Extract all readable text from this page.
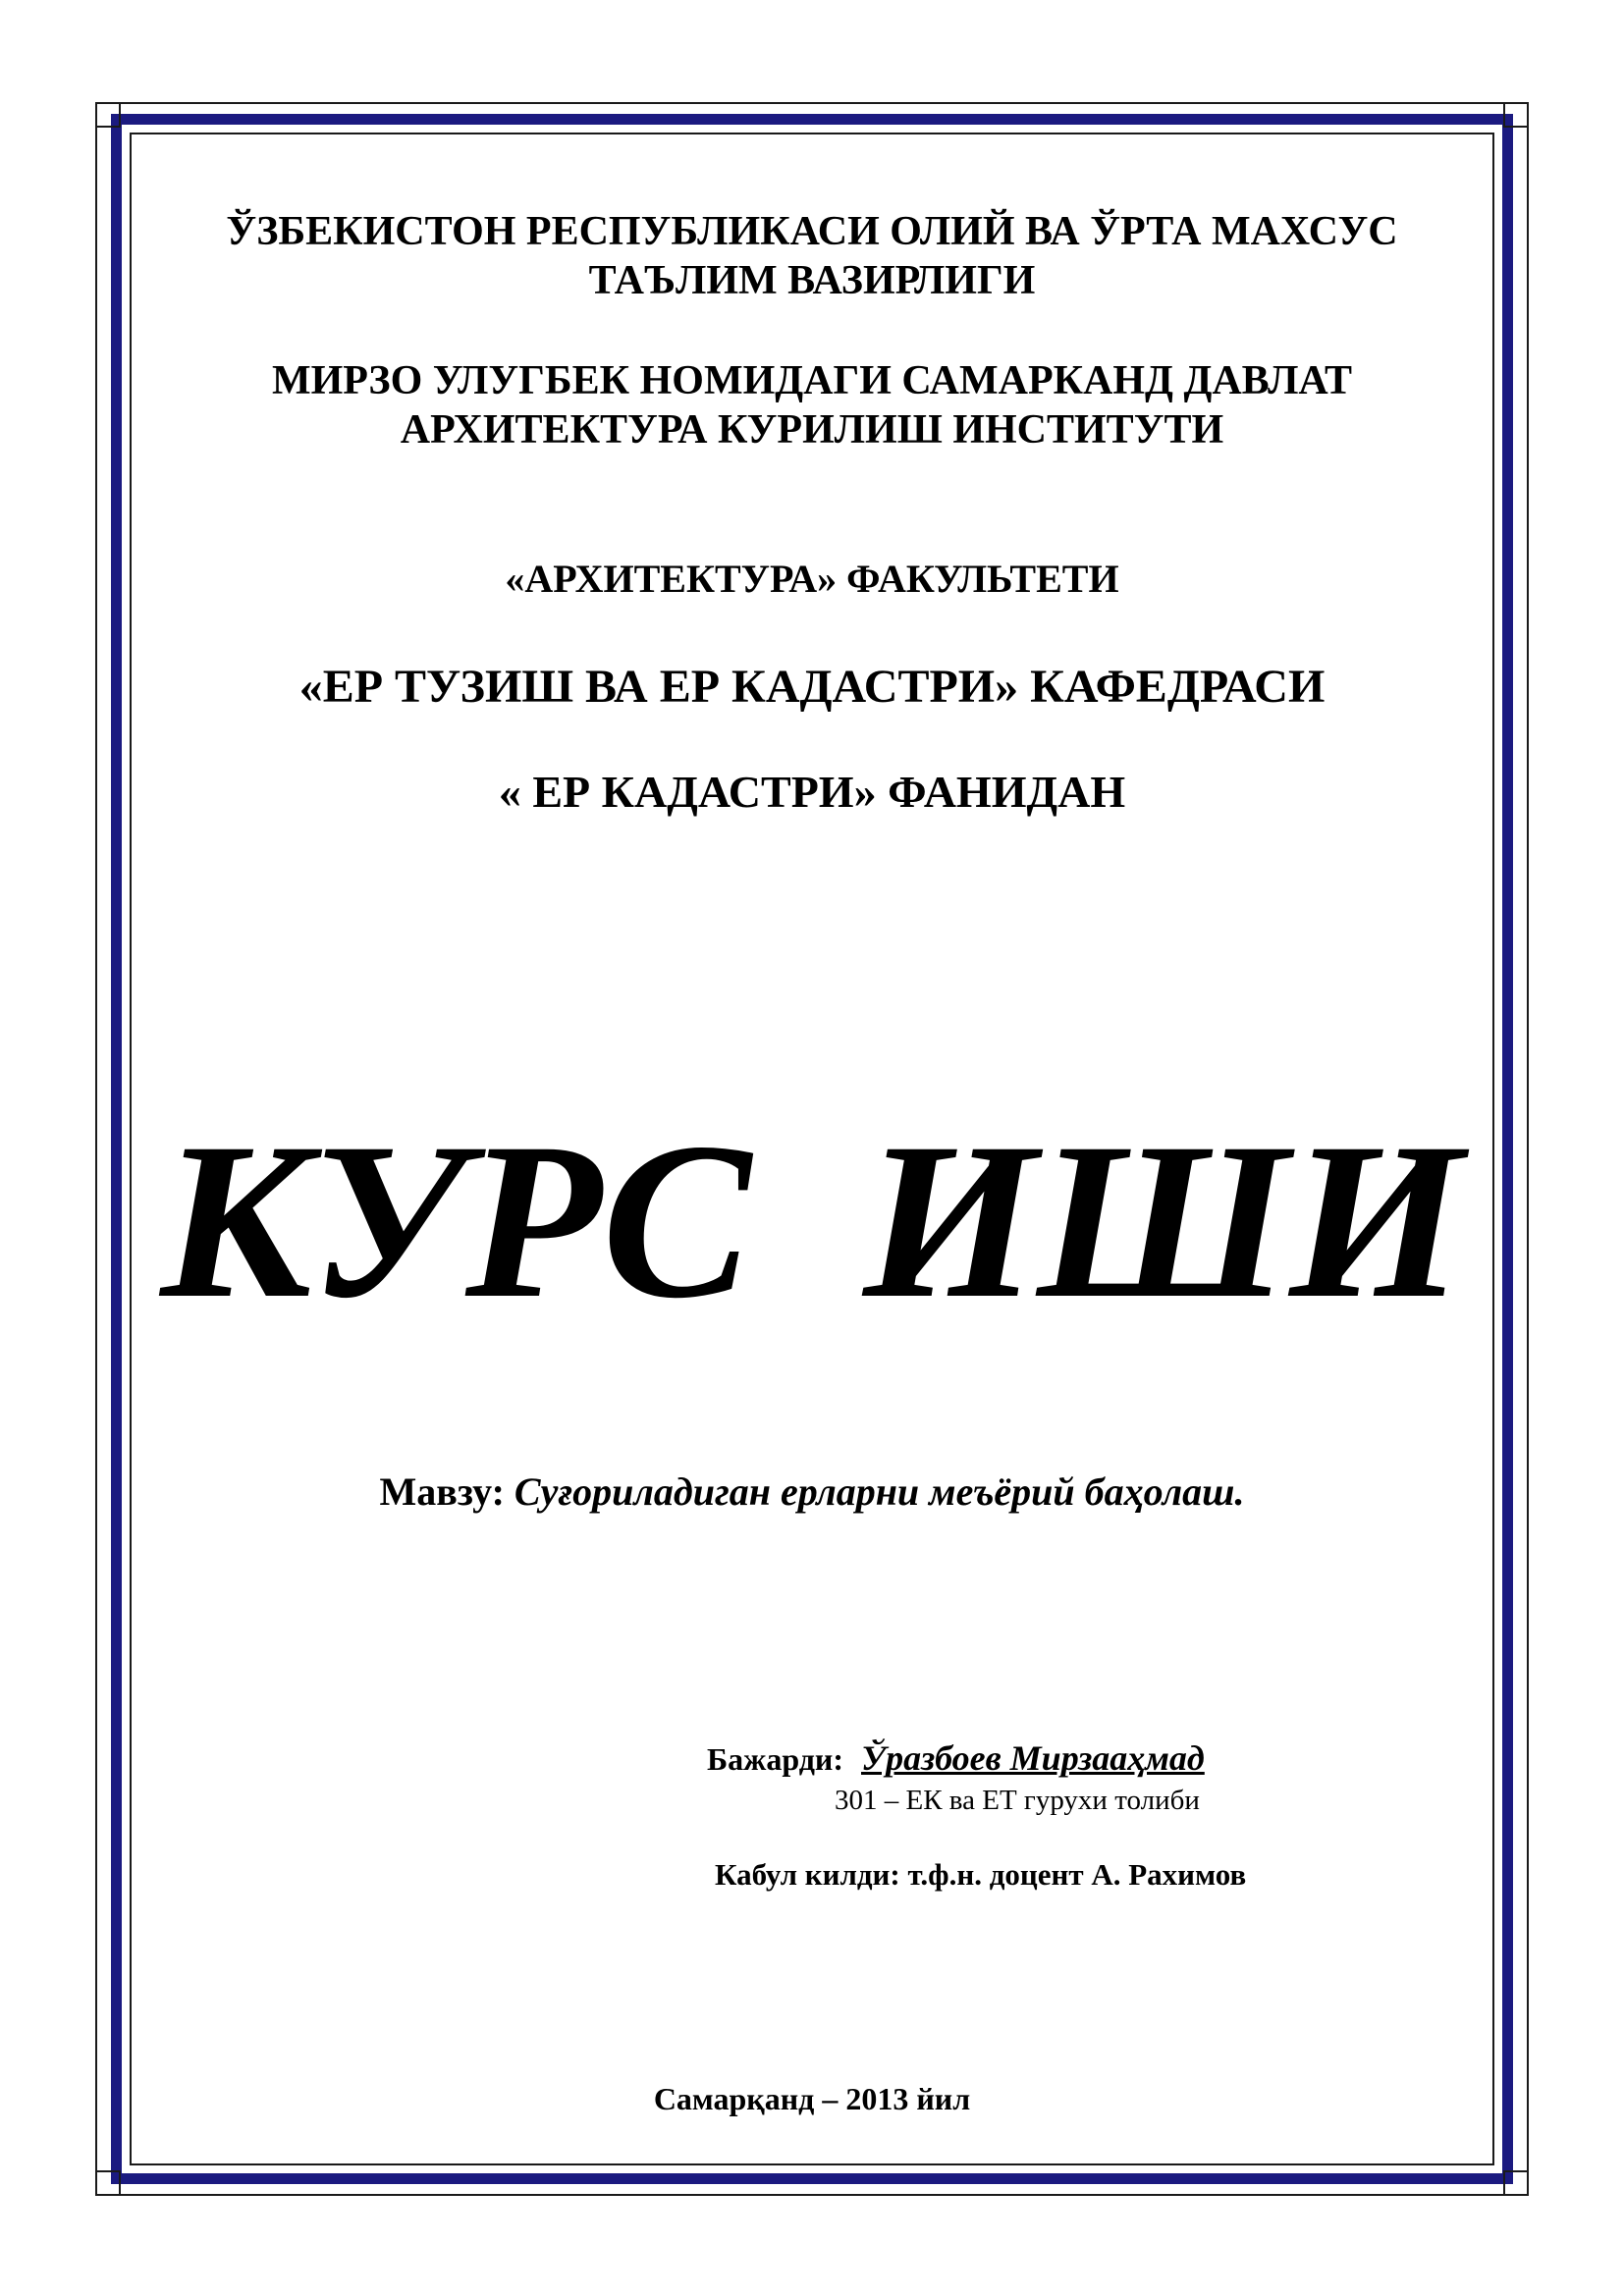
ЎЗБЕКИСТОН РЕСПУБЛИКАСИ ОЛИЙ ВА ЎРТА МАХСУС
ТАЪЛИМ ВАЗИРЛИГИ
МИРЗО УЛУГБЕК НОМИДАГИ САМАРКАНД ДАВЛАТ
АРХИТЕКТУРА КУРИЛИШ ИНСТИТУТИ
«АРХИТЕКТУРА» ФАКУЛЬТЕТИ
«ЕР ТУЗИШ ВА ЕР КАДАСТРИ» КАФЕДРАСИ
« ЕР КАДАСТРИ» ФАНИДАН
КУРС  ИШИ
Мавзу: Суғориладиган ерларни меъёрий баҳолаш.
Бажарди: Ўразбоев Мирзааҳмад
301 – ЕК ва ЕТ гурухи толиби
Кабул килди: т.ф.н. доцент А. Рахимов
Самарқанд – 2013 йил
